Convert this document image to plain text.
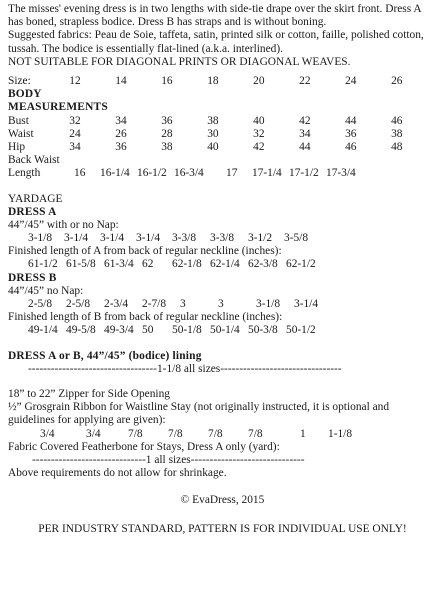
The misses' evening dress is in two lengths with side-tie drape over the skirt front. Dress A

has boned, strapless bodice. Dress B has straps and is without boning.

Suggested fabrics: Peau de Soie, taffeta, satin, printed silk or cotton, faille, polished cotton,

tussah. The bodice is essentially flat-lined (a.k.a. interlined).

NOT SUITABLE FOR DIAGONAL PRINTS OR DIAGONAL WEAVES.

Size:	12	14	16	18	20	22	24	26
BODY
MEASUREMENTS
Bust	32	34	36	38	40	42	44	46
Waist	24	26	28	30	32	34	36	38
Hip	34	36	38	40	42	44	46	48
Back Waist
Length	16	16-1/4 16-1/2 16-3/4	17	17-1/4 17-1/2 17-3/4
YARDAGE
DRESS A
44”/45” with or no Nap:
3-1/8	3-1/4	3-1/4	3-1/4	3-3/8	3-3/8	3-1/2	3-5/8
Finished length of A from back of regular neckline (inches):
61-1/2 61-5/8 61-3/4 62	62-1/8 62-1/4 62-3/8 62-1/2
DRESS B
44”/45” no Nap:
2-5/8	2-5/8	2-3/4	2-7/8	3	3	3-1/8	3-1/4
Finished length of B from back of regular neckline (inches):
49-1/4 49-5/8 49-3/4 50	50-1/8 50-1/4 50-3/8 50-1/2
DRESS A or B, 44”/45” (bodice) lining
----------------------------------1-1/8 all sizes--------------------------------
18” to 22” Zipper for Side Opening
½” Grosgrain Ribbon for Waistline Stay (not originally instructed, it is optional and
guidelines for applying are given):
3/4	3/4	7/8	7/8	7/8	7/8	1	1-1/8
Fabric Covered Featherbone for Stays, Dress A only (yard):
------------------------------1 all sizes------------------------------
Above requirements do not allow for shrinkage.
© EvaDress, 2015
PER INDUSTRY STANDARD, PATTERN IS FOR INDIVIDUAL USE ONLY!
